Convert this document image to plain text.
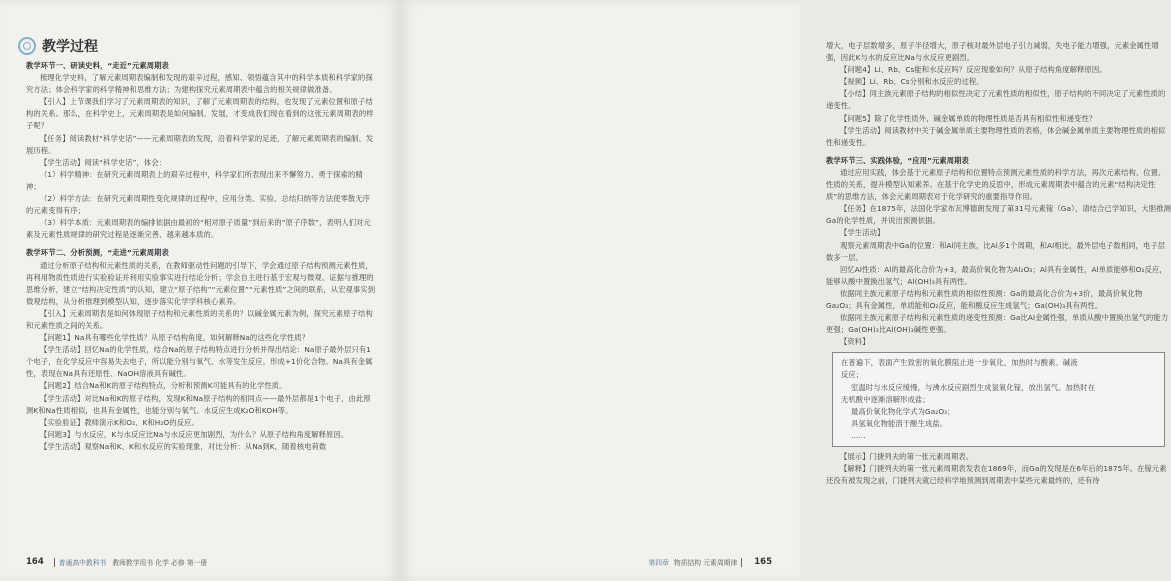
教学过程

教学环节一、研读史料，“走近”元素周期表

梳理化学史料，了解元素周期表编制和发现的艰辛过程，感知、领悟蕴含其中的科学本质和科学家的探究方法；体会科学家的科学精神和思维方法；为建构探究元素周期表中蕴含的相关规律做准备。

【引入】上节课我们学习了元素周期表的知识，了解了元素周期表的结构，也发现了元素位置和原子结构的关系。那么，在科学史上，元素周期表是如何编制、发展，才变成我们现在看到的这张元素周期表的样子呢？

【任务】阅读教材“科学史话”——元素周期表的发现，沿着科学家的足迹，了解元素周期表的编制、发展历程。

【学生活动】阅读“科学史话”，体会：

（1）科学精神：在研究元素周期表上的艰辛过程中，科学家们所表现出来不懈努力、勇于探索的精神；

（2）科学方法：在研究元素周期性变化规律的过程中，应用分类、实验、总结归纳等方法使零散无序的元素变得有序；

（3）科学本质：元素周期表的编排依据由最初的“相对原子质量”到后来的“原子序数”，表明人们对元素及元素性质规律的研究过程是逐渐完善、越来越本质的。

教学环节二、分析预测，“走进”元素周期表

通过分析原子结构和元素性质的关系，在教师驱动性问题的引导下，学会通过原子结构预测元素性质，再利用物质性质进行实验验证并利用实验事实进行结论分析；学会自主进行基于宏观与微观、证据与推理的思维分析，建立“结构决定性质”的认知，建立“原子结构”“元素位置”“元素性质”之间的联系，从宏观事实到微观结构，从分析推理到模型认知，逐步落实化学学科核心素养。

【引入】元素周期表是如何体现原子结构和元素性质的关系的？以碱金属元素为例，探究元素原子结构和元素性质之间的关系。

【问题1】Na具有哪些化学性质？从原子结构角度，如何解释Na的这些化学性质？

【学生活动】回忆Na的化学性质，结合Na的原子结构特点进行分析并得出结论：Na原子最外层只有1个电子，在化学反应中容易失去电子，所以能分别与氧气、水等发生反应，形成+1价化合物。Na具有金属性，表现在Na具有还原性、NaOH溶液具有碱性。

【问题2】结合Na和K的原子结构特点，分析和预测K可能具有的化学性质。

【学生活动】对比Na和K的原子结构，发现K和Na原子结构的相同点——最外层都是1个电子，由此预测K和Na性质相似，也具有金属性，也能分别与氧气、水反应生成K₂O和KOH等。

【实验验证】教师演示K和O₂、K和H₂O的反应。

【问题3】与水反应，K与水反应比Na与水反应更加剧烈，为什么？从原子结构角度解释原因。

【学生活动】观察Na和K、K和水反应的实验现象，对比分析：从Na到K，随着核电荷数

164 普通高中教科书 教师教学用书 化学 必修 第一册

增大，电子层数增多，原子半径增大，原子核对最外层电子引力减弱，失电子能力增强，元素金属性增强，因此K与水的反应比Na与水反应更剧烈。

【问题4】Li、Rb、Cs能和水反应吗？反应现象如何？从原子结构角度解释原因。

【视频】Li、Rb、Cs分别和水反应的过程。

【小结】同主族元素原子结构的相似性决定了元素性质的相似性，原子结构的不同决定了元素性质的递变性。

【问题5】除了化学性质外，碱金属单质的物理性质是否具有相似性和递变性？

【学生活动】阅读教材中关于碱金属单质主要物理性质的表格，体会碱金属单质主要物理性质的相似性和递变性。

教学环节三、实践体验，“应用”元素周期表

通过应用实践，体会基于元素原子结构和位置特点预测元素性质的科学方法，再次元素结构、位置、性质的关系，提升模型认知素养。在基于化学史的反思中，形成元素周期表中蕴含的元素“结构决定性质”的思维方法，体会元素周期表对于化学研究的重要指导作用。

【任务】在1875年，法国化学家布瓦博德朗发现了第31号元素镓（Ga），请结合已学知识，大胆推测Ga的化学性质，并说出预测依据。

【学生活动】

观察元素周期表中Ga的位置：和Al同主族，比Al多1个周期，和Al相比，最外层电子数相同，电子层数多一层。

回忆Al性质：Al的最高化合价为+3，最高价氧化物为Al₂O₃；Al具有金属性，Al单质能够和O₂反应，能够从酸中置换出氢气；Al(OH)₃具有两性。

依据同主族元素原子结构和元素性质的相似性预测：Ga的最高化合价为+3价，最高价氧化物Ga₂O₃；具有金属性，单质能和O₂反应，能和酸反应生成氢气；Ga(OH)₃具有两性。

依据同主族元素原子结构和元素性质的递变性预测：Ga比Al金属性强，单质从酸中置换出氢气的能力更强；Ga(OH)₃比Al(OH)₃碱性更强。

【资料】

在普遍下，表面产生致密的氧化膜阻止进一步氧化，加热时与酸素、碱液
反应；
室温时与水反应缓慢，与沸水反应剧烈生成氢氧化镓，放出氢气。加热时在
无机酸中逐渐溶解形成盐；
最高价氧化物化学式为Ga₂O₃；
具氢氧化物能溶于酸生成盐。
……

【展示】门捷列夫的第一张元素周期表。

【解释】门捷列夫的第一张元素周期表发表在1869年，而Ga的发现是在6年后的1875年。在镓元素还没有被发现之前，门捷列夫就已经科学地预测到周期表中某些元素最终的，还有待

第四章 物质结构 元素周期律 165
